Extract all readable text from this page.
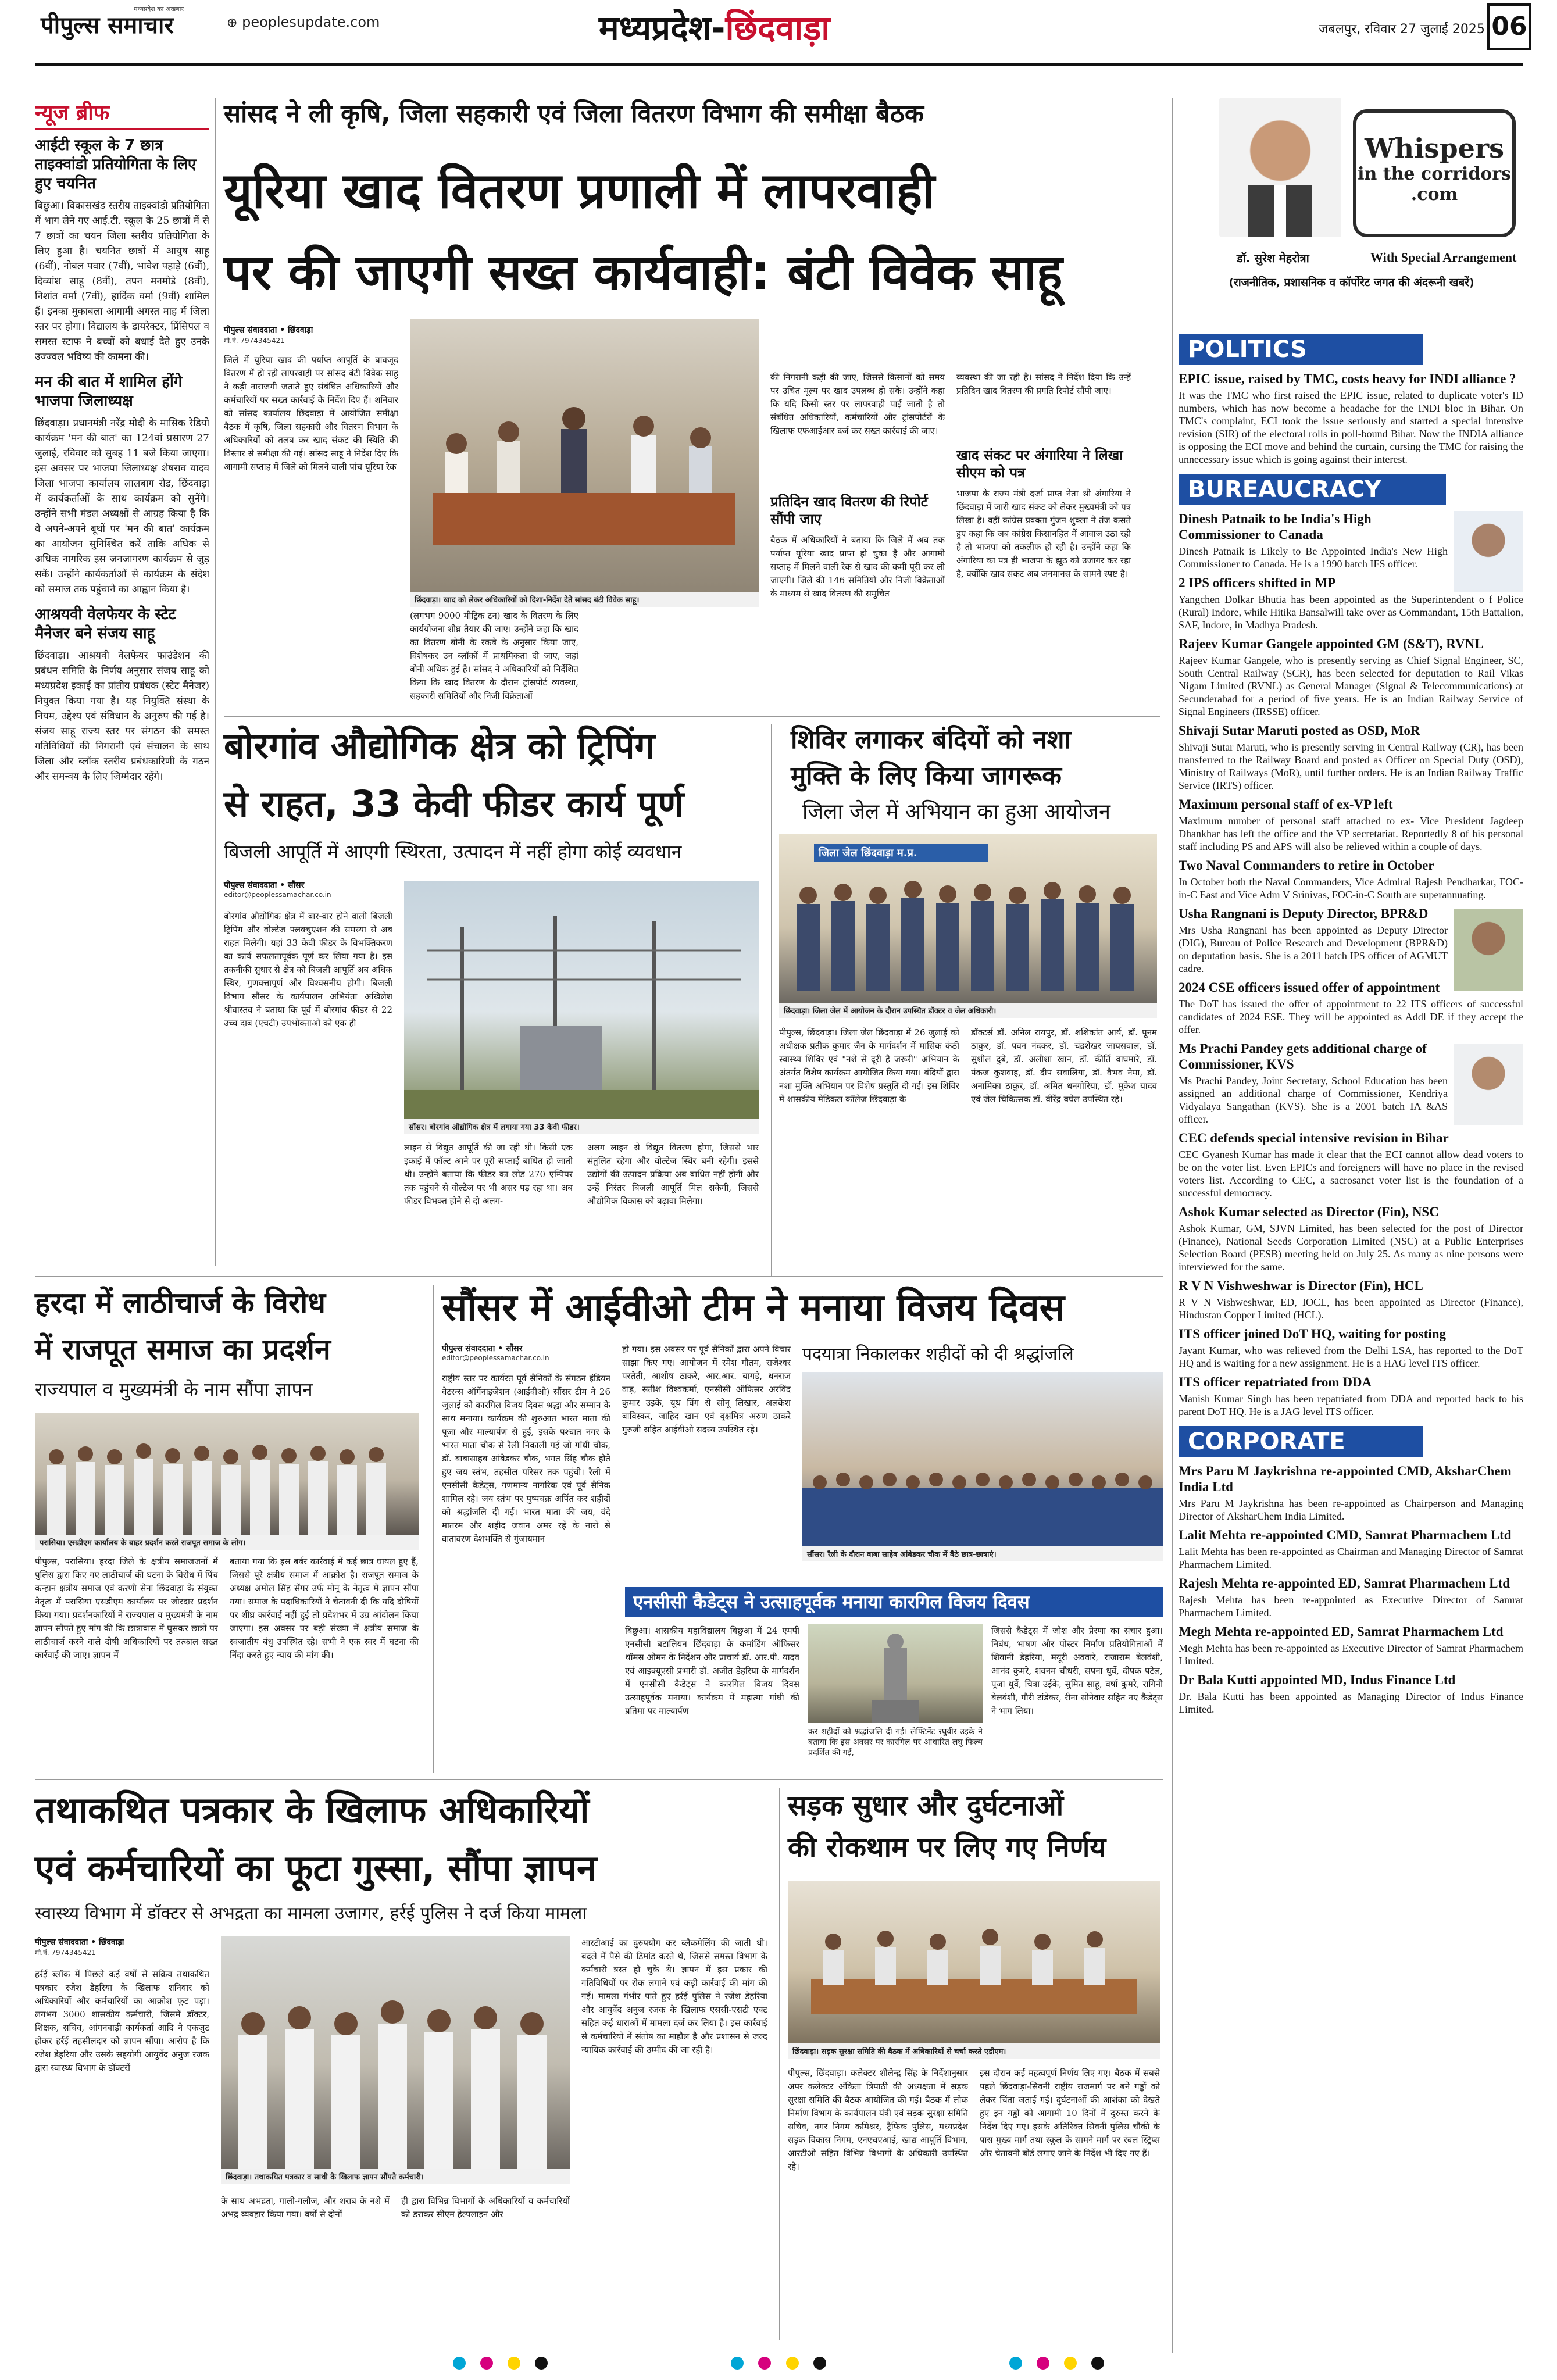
पीपुल्स समाचार
मध्यप्रदेश का अखबार
⊕ peoplesupdate.com	मध्यप्रदेश-छिंदवाड़ा	जबलपुर, रविवार 27 जुलाई 2025 06
न्यूज ब्रीफ
आईटी स्कूल के 7 छात्र ताइक्वांडो प्रतियोगिता के लिए हुए चयनित
बिछुआ। विकासखंड स्तरीय ताइक्वांडो प्रतियोगिता में भाग लेने गए आई.टी. स्कूल के 25 छात्रों में से 7 छात्रों का चयन जिला स्तरीय प्रतियोगिता के लिए हुआ है। चयनित छात्रों में आयुष साहू (6वीं), नोबल पवार (7वीं), भावेश पहाड़े (6वीं), दिव्यांश साहू (8वीं), तपन मनमोडे (8वीं), निशांत वर्मा (7वीं), हार्दिक वर्मा (9वीं) शामिल हैं। इनका मुकाबला आगामी अगस्त माह में जिला स्तर पर होगा। विद्यालय के डायरेक्टर, प्रिंसिपल व समस्त स्टाफ ने बच्चों को बधाई देते हुए उनके उज्ज्वल भविष्य की कामना की।
मन की बात में शामिल होंगे भाजपा जिलाध्यक्ष
छिंदवाड़ा। प्रधानमंत्री नरेंद्र मोदी के मासिक रेडियो कार्यक्रम 'मन की बात' का 124वां प्रसारण 27 जुलाई, रविवार को सुबह 11 बजे किया जाएगा। इस अवसर पर भाजपा जिलाध्यक्ष शेषराव यादव जिला भाजपा कार्यालय लालबाग रोड, छिंदवाड़ा में कार्यकर्ताओं के साथ कार्यक्रम को सुनेंगे। उन्होंने सभी मंडल अध्यक्षों से आग्रह किया है कि वे अपने-अपने बूथों पर 'मन की बात' कार्यक्रम का आयोजन सुनिश्चित करें ताकि अधिक से अधिक नागरिक इस जनजागरण कार्यक्रम से जुड़ सकें। उन्होंने कार्यकर्ताओं से कार्यक्रम के संदेश को समाज तक पहुंचाने का आह्वान किया है।
आश्रयवी वेलफेयर के स्टेट मैनेजर बने संजय साहू
छिंदवाड़ा। आश्रयवी वेलफेयर फाउंडेशन की प्रबंधन समिति के निर्णय अनुसार संजय साहू को मध्यप्रदेश इकाई का प्रांतीय प्रबंधक (स्टेट मैनेजर) नियुक्त किया गया है। यह नियुक्ति संस्था के नियम, उद्देश्य एवं संविधान के अनुरुप की गई है। संजय साहू राज्य स्तर पर संगठन की समस्त गतिविधियों की निगरानी एवं संचालन के साथ जिला और ब्लॉक स्तरीय प्रबंधकारिणी के गठन और समन्वय के लिए जिम्मेदार रहेंगे।
सांसद ने ली कृषि, जिला सहकारी एवं जिला वितरण विभाग की समीक्षा बैठक
यूरिया खाद वितरण प्रणाली में लापरवाही
पर की जाएगी सख्त कार्यवाही: बंटी विवेक साहू
पीपुल्स संवाददाता • छिंदवाड़ा
मो.नं. 7974345421
जिले में यूरिया खाद की पर्याप्त आपूर्ति के बावजूद वितरण में हो रही लापरवाही पर सांसद बंटी विवेक साहू ने कड़ी नाराजगी जताते हुए संबंधित अधिकारियों और कर्मचारियों पर सख्त कार्रवाई के निर्देश दिए हैं। शनिवार को सांसद कार्यालय छिंदवाड़ा में आयोजित समीक्षा बैठक में कृषि, जिला सहकारी और वितरण विभाग के अधिकारियों को तलब कर खाद संकट की स्थिति की विस्तार से समीक्षा की गई। सांसद साहू ने निर्देश दिए कि आगामी सप्ताह में जिले को मिलने वाली पांच यूरिया रेक
छिंदवाड़ा। खाद को लेकर अधिकारियों को दिशा-निर्देश देते सांसद बंटी विवेक साहू।
(लगभग 9000 मीट्रिक टन) खाद के वितरण के लिए कार्ययोजना शीघ्र तैयार की जाए। उन्होंने कहा कि खाद का वितरण बोनी के रकबे के अनुसार किया जाए, विशेषकर उन ब्लॉकों में प्राथमिकता दी जाए, जहां बोनी अधिक हुई है। सांसद ने अधिकारियों को निर्देशित किया कि खाद वितरण के दौरान ट्रांसपोर्ट व्यवस्था, सहकारी समितियों और निजी विक्रेताओं
की निगरानी कड़ी की जाए, जिससे किसानों को समय पर उचित मूल्य पर खाद उपलब्ध हो सके। उन्होंने कहा कि यदि किसी स्तर पर लापरवाही पाई जाती है तो संबंधित अधिकारियों, कर्मचारियों और ट्रांसपोर्टरों के खिलाफ एफआईआर दर्ज कर सख्त कार्रवाई की जाए।
प्रतिदिन खाद वितरण की रिपोर्ट सौंपी जाए
बैठक में अधिकारियों ने बताया कि जिले में अब तक पर्याप्त यूरिया खाद प्राप्त हो चुका है और आगामी सप्ताह में मिलने वाली रेक से खाद की कमी पूरी कर ली जाएगी। जिले की 146 समितियों और निजी विक्रेताओं के माध्यम से खाद वितरण की समुचित
व्यवस्था की जा रही है। सांसद ने निर्देश दिया कि उन्हें प्रतिदिन खाद वितरण की प्रगति रिपोर्ट सौंपी जाए।
खाद संकट पर अंगारिया ने लिखा सीएम को पत्र
भाजपा के राज्य मंत्री दर्जा प्राप्त नेता श्री अंगारिया ने छिंदवाड़ा में जारी खाद संकट को लेकर मुख्यमंत्री को पत्र लिखा है। वहीं कांग्रेस प्रवक्ता गुंजन शुक्ला ने तंज कसते हुए कहा कि जब कांग्रेस किसानहित में आवाज उठा रही है तो भाजपा को तकलीफ हो रही है। उन्होंने कहा कि अंगारिया का पत्र ही भाजपा के झूठ को उजागर कर रहा है, क्योंकि खाद संकट अब जनमानस के सामने स्पष्ट है।
बोरगांव औद्योगिक क्षेत्र को ट्रिपिंग
से राहत, 33 केवी फीडर कार्य पूर्ण
बिजली आपूर्ति में आएगी स्थिरता, उत्पादन में नहीं होगा कोई व्यवधान
पीपुल्स संवाददाता • सौंसर
editor@peoplessamachar.co.in
बोरगांव औद्योगिक क्षेत्र में बार-बार होने वाली बिजली ट्रिपिंग और वोल्टेज फ्लक्चुएशन की समस्या से अब राहत मिलेगी। यहां 33 केवी फीडर के विभक्तिकरण का कार्य सफलतापूर्वक पूर्ण कर लिया गया है। इस तकनीकी सुधार से क्षेत्र को बिजली आपूर्ति अब अधिक स्थिर, गुणवत्तापूर्ण और विश्वसनीय होगी। बिजली विभाग सौंसर के कार्यपालन अभियंता अखिलेश श्रीवास्तव ने बताया कि पूर्व में बोरगांव फीडर से 22 उच्च दाब (एचटी) उपभोक्ताओं को एक ही
सौंसर। बोरगांव औद्योगिक क्षेत्र में लगाया गया 33 केवी फीडर।
लाइन से विद्युत आपूर्ति की जा रही थी। किसी एक इकाई में फॉल्ट आने पर पूरी सप्लाई बाधित हो जाती थी। उन्होंने बताया कि फीडर का लोड 270 एम्पियर तक पहुंचने से वोल्टेज पर भी असर पड़ रहा था। अब फीडर विभक्त होने से दो अलग-
अलग लाइन से विद्युत वितरण होगा, जिससे भार संतुलित रहेगा और वोल्टेज स्थिर बनी रहेगी। इससे उद्योगों की उत्पादन प्रक्रिया अब बाधित नहीं होगी और उन्हें निरंतर बिजली आपूर्ति मिल सकेगी, जिससे औद्योगिक विकास को बढ़ावा मिलेगा।
शिविर लगाकर बंदियों को नशा
मुक्ति के लिए किया जागरूक
जिला जेल में अभियान का हुआ आयोजन
जिला जेल छिंदवाड़ा म.प्र.
छिंदवाड़ा। जिला जेल में आयोजन के दौरान उपस्थित डॉक्टर व जेल अधिकारी।
पीपुल्स, छिंदवाड़ा। जिला जेल छिंदवाड़ा में 26 जुलाई को अधीक्षक प्रतीक कुमार जैन के मार्गदर्शन में मासिक कंठी स्वास्थ्य शिविर एवं "नशे से दूरी है जरूरी" अभियान के अंतर्गत विशेष कार्यक्रम आयोजित किया गया। बंदियों द्वारा नशा मुक्ति अभियान पर विशेष प्रस्तुति दी गई। इस शिविर में शासकीय मेडिकल कॉलेज छिंदवाड़ा के
डॉक्टर्स डॉ. अनिल रायपुर, डॉ. शशिकांत आर्य, डॉ. पूनम ठाकुर, डॉ. पवन नंदकर, डॉ. चंद्रशेखर जायसवाल, डॉ. सुशील दुबे, डॉ. अलीशा खान, डॉ. कीर्ति वाघमारे, डॉ. पंकज कुशवाह, डॉ. दीप सवालिया, डॉ. वैभव नेमा, डॉ. अनामिका ठाकुर, डॉ. अमित धनगोरिया, डॉ. मुकेश यादव एवं जेल चिकित्सक डॉ. वीरेंद्र बघेल उपस्थित रहे।
हरदा में लाठीचार्ज के विरोध
में राजपूत समाज का प्रदर्शन
राज्यपाल व मुख्यमंत्री के नाम सौंपा ज्ञापन
परासिया। एसडीएम कार्यालय के बाहर प्रदर्शन करते राजपूत समाज के लोग।
पीपुल्स, परासिया। हरदा जिले के क्षत्रीय समाजजनों में पुलिस द्वारा किए गए लाठीचार्ज की घटना के विरोध में पिंच कन्हान क्षत्रीय समाज एवं करणी सेना छिंदवाड़ा के संयुक्त नेतृत्व में परासिया एसडीएम कार्यालय पर जोरदार प्रदर्शन किया गया। प्रदर्शनकारियों ने राज्यपाल व मुख्यमंत्री के नाम ज्ञापन सौंपते हुए मांग की कि छात्रावास में घुसकर छात्रों पर लाठीचार्ज करने वाले दोषी अधिकारियों पर तत्काल सख्त कार्रवाई की जाए। ज्ञापन में
बताया गया कि इस बर्बर कार्रवाई में कई छात्र घायल हुए हैं, जिससे पूरे क्षत्रीय समाज में आक्रोश है। राजपूत समाज के अध्यक्ष अमोल सिंह सेंगर उर्फ मोनू के नेतृत्व में ज्ञापन सौंपा गया। समाज के पदाधिकारियों ने चेतावनी दी कि यदि दोषियों पर शीघ्र कार्रवाई नहीं हुई तो प्रदेशभर में उग्र आंदोलन किया जाएगा। इस अवसर पर बड़ी संख्या में क्षत्रीय समाज के स्वजातीय बंधु उपस्थित रहे। सभी ने एक स्वर में घटना की निंदा करते हुए न्याय की मांग की।
सौंसर में आईवीओ टीम ने मनाया विजय दिवस
पीपुल्स संवाददाता • सौंसर
editor@peoplessamachar.co.in
राष्ट्रीय स्तर पर कार्यरत पूर्व सैनिकों के संगठन इंडियन वेटरन्स ऑर्गेनाइजेशन (आईवीओ) सौंसर टीम ने 26 जुलाई को कारगिल विजय दिवस श्रद्धा और सम्मान के साथ मनाया। कार्यक्रम की शुरुआत भारत माता की पूजा और माल्यार्पण से हुई, इसके पश्चात नगर के भारत माता चौक से रैली निकाली गई जो गांधी चौक, डॉ. बाबासाहब आंबेडकर चौक, भगत सिंह चौक होते हुए जय स्तंभ, तहसील परिसर तक पहुंची। रैली में एनसीसी कैडेट्स, गणमान्य नागरिक एवं पूर्व सैनिक शामिल रहे। जय स्तंभ पर पुष्पचक्र अर्पित कर शहीदों को श्रद्धांजलि दी गई। भारत माता की जय, वंदे मातरम और शहीद जवान अमर रहें के नारों से वातावरण देशभक्ति से गुंजायमान
हो गया। इस अवसर पर पूर्व सैनिकों द्वारा अपने विचार साझा किए गए। आयोजन में रमेश गौतम, राजेश्वर परतेती, आशीष ठाकरे, आर.आर. बागड़े, धनराज वाड़, सतीश विश्वकर्मा, एनसीसी ऑफिसर अरविंद कुमार उइके, यूथ विंग से सोनू लिखार, अलकेश बाविस्कर, जाहिद खान एवं वृक्षमित्र अरुण ठाकरे गुरुजी सहित आईवीओ सदस्य उपस्थित रहे।
पदयात्रा निकालकर शहीदों को दी श्रद्धांजलि
सौंसर। रैली के दौरान बाबा साहेब आंबेडकर चौक में बैठे छात्र-छात्राएं।
एनसीसी कैडेट्स ने उत्साहपूर्वक मनाया कारगिल विजय दिवस
बिछुआ। शासकीय महाविद्यालय बिछुआ में 24 एमपी एनसीसी बटालियन छिंदवाड़ा के कमांडिंग ऑफिसर थॉमस ओमन के निर्देशन और प्राचार्य डॉ. आर.पी. यादव एवं आइक्यूएसी प्रभारी डॉ. अजीत डेहरिया के मार्गदर्शन में एनसीसी कैडेट्स ने कारगिल विजय दिवस उत्साहपूर्वक मनाया। कार्यक्रम में महात्मा गांधी की प्रतिमा पर माल्यार्पण
कर शहीदों को श्रद्धांजलि दी गई। लेफ्टिनेंट रघुवीर उइके ने बताया कि इस अवसर पर कारगिल पर आधारित लघु फिल्म प्रदर्शित की गई,
जिससे कैडेट्स में जोश और प्रेरणा का संचार हुआ। निबंध, भाषण और पोस्टर निर्माण प्रतियोगिताओं में शिवानी डेहरिया, मयूरी अववारे, राजाराम बेलवंशी, आनंद कुमरे, शवनम चौधरी, सपना धुर्वे, दीपक पटेल, पूजा धुर्वे, चित्रा उईके, सुमित साहू, वर्षा कुमरे, रागिनी बेलवंशी, गौरी टांडेकर, रीना सोनेवार सहित नए कैडेट्स ने भाग लिया।
तथाकथित पत्रकार के खिलाफ अधिकारियों
एवं कर्मचारियों का फूटा गुस्सा, सौंपा ज्ञापन
स्वास्थ्य विभाग में डॉक्टर से अभद्रता का मामला उजागर, हर्रई पुलिस ने दर्ज किया मामला
पीपुल्स संवाददाता • छिंदवाड़ा
मो.नं. 7974345421
हर्रई ब्लॉक में पिछले कई वर्षों से सक्रिय तथाकथित पत्रकार रजेश डेहरिया के खिलाफ शनिवार को अधिकारियों और कर्मचारियों का आक्रोश फूट पड़ा। लगभग 3000 शासकीय कर्मचारी, जिसमें डॉक्टर, शिक्षक, सचिव, आंगनबाड़ी कार्यकर्ता आदि ने एकजुट होकर हर्रई तहसीलदार को ज्ञापन सौंपा। आरोप है कि रजेश डेहरिया और उसके सहयोगी आयुर्वेद अनुज रजक द्वारा स्वास्थ्य विभाग के डॉक्टरों
छिंदवाड़ा। तथाकथित पत्रकार व साथी के खिलाफ ज्ञापन सौंपते कर्मचारी।
के साथ अभद्रता, गाली-गलौज, और शराब के नशे में अभद्र व्यवहार किया गया। वर्षों से दोनों
ही द्वारा विभिन्न विभागों के अधिकारियों व कर्मचारियों को डराकर सीएम हेल्पलाइन और
आरटीआई का दुरुपयोग कर ब्लैकमेलिंग की जाती थी। बदले में पैसे की डिमांड करते थे, जिससे समस्त विभाग के कर्मचारी त्रस्त हो चुके थे। ज्ञापन में इस प्रकार की गतिविधियों पर रोक लगाने एवं कड़ी कार्रवाई की मांग की गई। मामला गंभीर पाते हुए हर्रई पुलिस ने रजेश डेहरिया और आयुर्वेद अनुज रजक के खिलाफ एससी-एसटी एक्ट सहित कई धाराओं में मामला दर्ज कर लिया है। इस कार्रवाई से कर्मचारियों में संतोष का माहौल है और प्रशासन से जल्द न्यायिक कार्रवाई की उम्मीद की जा रही है।
सड़क सुधार और दुर्घटनाओं
की रोकथाम पर लिए गए निर्णय
छिंदवाड़ा। सड़क सुरक्षा समिति की बैठक में अधिकारियों से चर्चा करते एडीएम।
पीपुल्स, छिंदवाड़ा। कलेक्टर शीलेन्द्र सिंह के निर्देशानुसार अपर कलेक्टर अंकिता त्रिपाठी की अध्यक्षता में सड़क सुरक्षा समिति की बैठक आयोजित की गई। बैठक में लोक निर्माण विभाग के कार्यपालन यंत्री एवं सड़क सुरक्षा समिति सचिव, नगर निगम कमिश्नर, ट्रैफिक पुलिस, मध्यप्रदेश सड़क विकास निगम, एनएचएआई, खाद्य आपूर्ति विभाग, आरटीओ सहित विभिन्न विभागों के अधिकारी उपस्थित रहे।
इस दौरान कई महत्वपूर्ण निर्णय लिए गए। बैठक में सबसे पहले छिंदवाड़ा-सिवनी राष्ट्रीय राजमार्ग पर बने गड्ढों को लेकर चिंता जताई गई। दुर्घटनाओं की आशंका को देखते हुए इन गड्ढों को आगामी 10 दिनों में दुरुस्त करने के निर्देश दिए गए। इसके अतिरिक्त सिवनी पुलिस चौकी के पास मुख्य मार्ग तथा स्कूल के सामने मार्ग पर रंबल स्ट्रिप्स और चेतावनी बोर्ड लगाए जाने के निर्देश भी दिए गए हैं।
Whispers
in the corridors
.com
डॉ. सुरेश मेहरोत्रा	With Special Arrangement
(राजनीतिक, प्रशासनिक व कॉर्पोरेट जगत की अंदरूनी खबरें)
POLITICS
EPIC issue, raised by TMC, costs heavy for INDI alliance ?
It was the TMC who first raised the EPIC issue, related to duplicate voter's ID numbers, which has now become a headache for the INDI bloc in Bihar. On TMC's complaint, ECI took the issue seriously and started a special intensive revision (SIR) of the electoral rolls in poll-bound Bihar. Now the INDIA alliance is opposing the ECI move and behind the curtain, cursing the TMC for raising the unnecessary issue which is going against their interest.
BUREAUCRACY
Dinesh Patnaik to be India's High Commissioner to Canada
Dinesh Patnaik is Likely to Be Appointed India's New High Commissioner to Canada. He is a 1990 batch IFS officer.
2 IPS officers shifted in MP
Yangchen Dolkar Bhutia has been appointed as the Superintendent o f Police (Rural) Indore, while Hitika Bansalwill take over as Commandant, 15th Battalion, SAF, Indore, in Madhya Pradesh.
Rajeev Kumar Gangele appointed GM (S&T), RVNL
Rajeev Kumar Gangele, who is presently serving as Chief Signal Engineer, SC, South Central Railway (SCR), has been selected for deputation to Rail Vikas Nigam Limited (RVNL) as General Manager (Signal & Telecommunications) at Secunderabad for a period of five years. He is an Indian Railway Service of Signal Engineers (IRSSE) officer.
Shivaji Sutar Maruti posted as OSD, MoR
Shivaji Sutar Maruti, who is presently serving in Central Railway (CR), has been transferred to the Railway Board and posted as Officer on Special Duty (OSD), Ministry of Railways (MoR), until further orders. He is an Indian Railway Traffic Service (IRTS) officer.
Maximum personal staff of ex-VP left
Maximum number of personal staff attached to ex- Vice President Jagdeep Dhankhar has left the office and the VP secretariat. Reportedly 8 of his personal staff including PS and APS will also be relieved within a couple of days.
Two Naval Commanders to retire in October
In October both the Naval Commanders, Vice Admiral Rajesh Pendharkar, FOC-in-C East and Vice Adm V Srinivas, FOC-in-C South are superannuating.
Usha Rangnani is Deputy Director, BPR&D
Mrs Usha Rangnani has been appointed as Deputy Director (DIG), Bureau of Police Research and Development (BPR&D) on deputation basis. She is a 2011 batch IPS officer of AGMUT cadre.
2024 CSE officers issued offer of appointment
The DoT has issued the offer of appointment to 22 ITS officers of successful candidates of 2024 ESE. They will be appointed as Addl DE if they accept the offer.
Ms Prachi Pandey gets additional charge of Commissioner, KVS
Ms Prachi Pandey, Joint Secretary, School Education has been assigned an additional charge of Commissioner, Kendriya Vidyalaya Sangathan (KVS). She is a 2001 batch IA &AS officer.
CEC defends special intensive revision in Bihar
CEC Gyanesh Kumar has made it clear that the ECI cannot allow dead voters to be on the voter list. Even EPICs and foreigners will have no place in the revised voters list. According to CEC, a sacrosanct voter list is the foundation of a successful democracy.
Ashok Kumar selected as Director (Fin), NSC
Ashok Kumar, GM, SJVN Limited, has been selected for the post of Director (Finance), National Seeds Corporation Limited (NSC) at a Public Enterprises Selection Board (PESB) meeting held on July 25. As many as nine persons were interviewed for the same.
R V N Vishweshwar is Director (Fin), HCL
R V N Vishweshwar, ED, IOCL, has been appointed as Director (Finance), Hindustan Copper Limited (HCL).
ITS officer joined DoT HQ, waiting for posting
Jayant Kumar, who was relieved from the Delhi LSA, has reported to the DoT HQ and is waiting for a new assignment. He is a HAG level ITS officer.
ITS officer repatriated from DDA
Manish Kumar Singh has been repatriated from DDA and reported back to his parent DoT HQ. He is a JAG level ITS officer.
CORPORATE
Mrs Paru M Jaykrishna re-appointed CMD, AksharChem India Ltd
Mrs Paru M Jaykrishna has been re-appointed as Chairperson and Managing Director of AksharChem India Limited.
Lalit Mehta re-appointed CMD, Samrat Pharmachem Ltd
Lalit Mehta has been re-appointed as Chairman and Managing Director of Samrat Pharmachem Limited.
Rajesh Mehta re-appointed ED, Samrat Pharmachem Ltd
Rajesh Mehta has been re-appointed as Executive Director of Samrat Pharmachem Limited.
Megh Mehta re-appointed ED, Samrat Pharmachem Ltd
Megh Mehta has been re-appointed as Executive Director of Samrat Pharmachem Limited.
Dr Bala Kutti appointed MD, Indus Finance Ltd
Dr. Bala Kutti has been appointed as Managing Director of Indus Finance Limited.
